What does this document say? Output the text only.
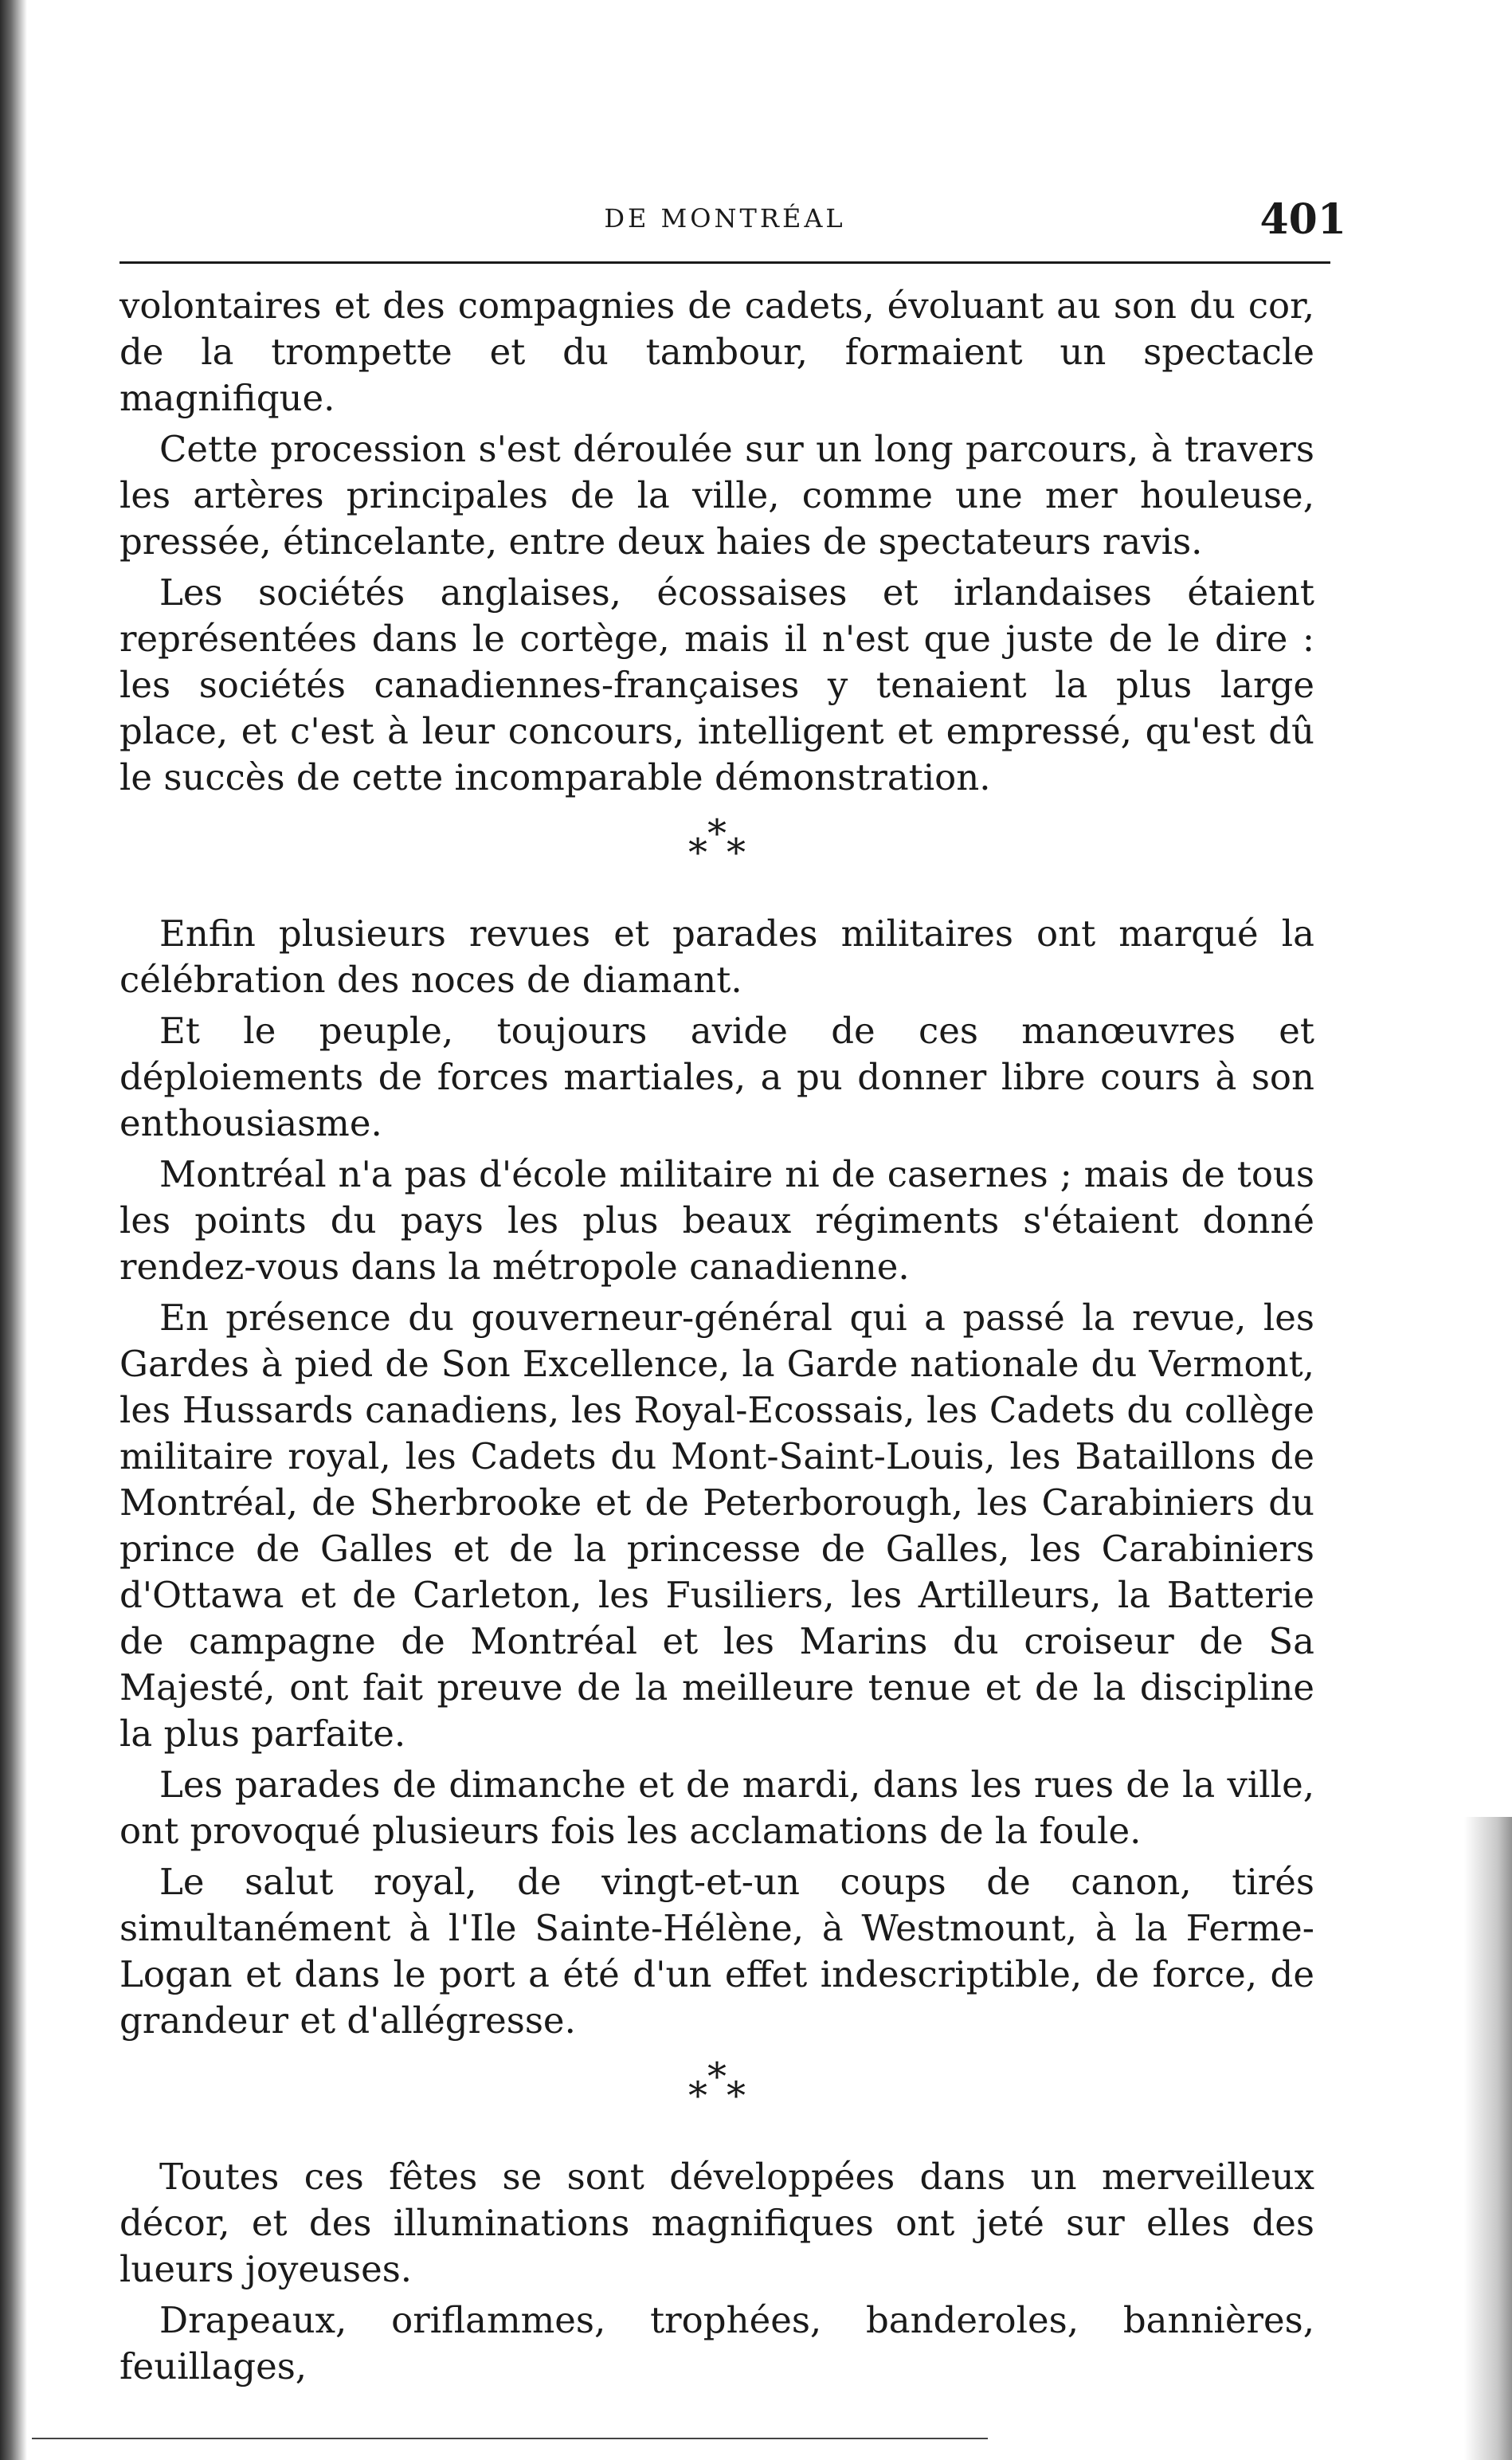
DE MONTRÉAL	401

volontaires et des compagnies de cadets, évoluant au son du cor, de la trompette et du tambour, formaient un spectacle magnifique.

Cette procession s'est déroulée sur un long parcours, à travers les artères principales de la ville, comme une mer houleuse, pressée, étincelante, entre deux haies de spectateurs ravis.

Les sociétés anglaises, écossaises et irlandaises étaient représentées dans le cortège, mais il n'est que juste de le dire : les sociétés canadiennes-françaises y tenaient la plus large place, et c'est à leur concours, intelligent et empressé, qu'est dû le succès de cette incomparable démonstration.

***

Enfin plusieurs revues et parades militaires ont marqué la célébration des noces de diamant.

Et le peuple, toujours avide de ces manœuvres et déploiements de forces martiales, a pu donner libre cours à son enthousiasme.

Montréal n'a pas d'école militaire ni de casernes ; mais de tous les points du pays les plus beaux régiments s'étaient donné rendez-vous dans la métropole canadienne.

En présence du gouverneur-général qui a passé la revue, les Gardes à pied de Son Excellence, la Garde nationale du Vermont, les Hussards canadiens, les Royal-Ecossais, les Cadets du collège militaire royal, les Cadets du Mont-Saint-Louis, les Bataillons de Montréal, de Sherbrooke et de Peterborough, les Carabiniers du prince de Galles et de la princesse de Galles, les Carabiniers d'Ottawa et de Carleton, les Fusiliers, les Artilleurs, la Batterie de campagne de Montréal et les Marins du croiseur de Sa Majesté, ont fait preuve de la meilleure tenue et de la discipline la plus parfaite.

Les parades de dimanche et de mardi, dans les rues de la ville, ont provoqué plusieurs fois les acclamations de la foule.

Le salut royal, de vingt-et-un coups de canon, tirés simultanément à l'Ile Sainte-Hélène, à Westmount, à la Ferme-Logan et dans le port a été d'un effet indescriptible, de force, de grandeur et d'allégresse.

***

Toutes ces fêtes se sont développées dans un merveilleux décor, et des illuminations magnifiques ont jeté sur elles des lueurs joyeuses.

Drapeaux, oriflammes, trophées, banderoles, bannières, feuillages,
